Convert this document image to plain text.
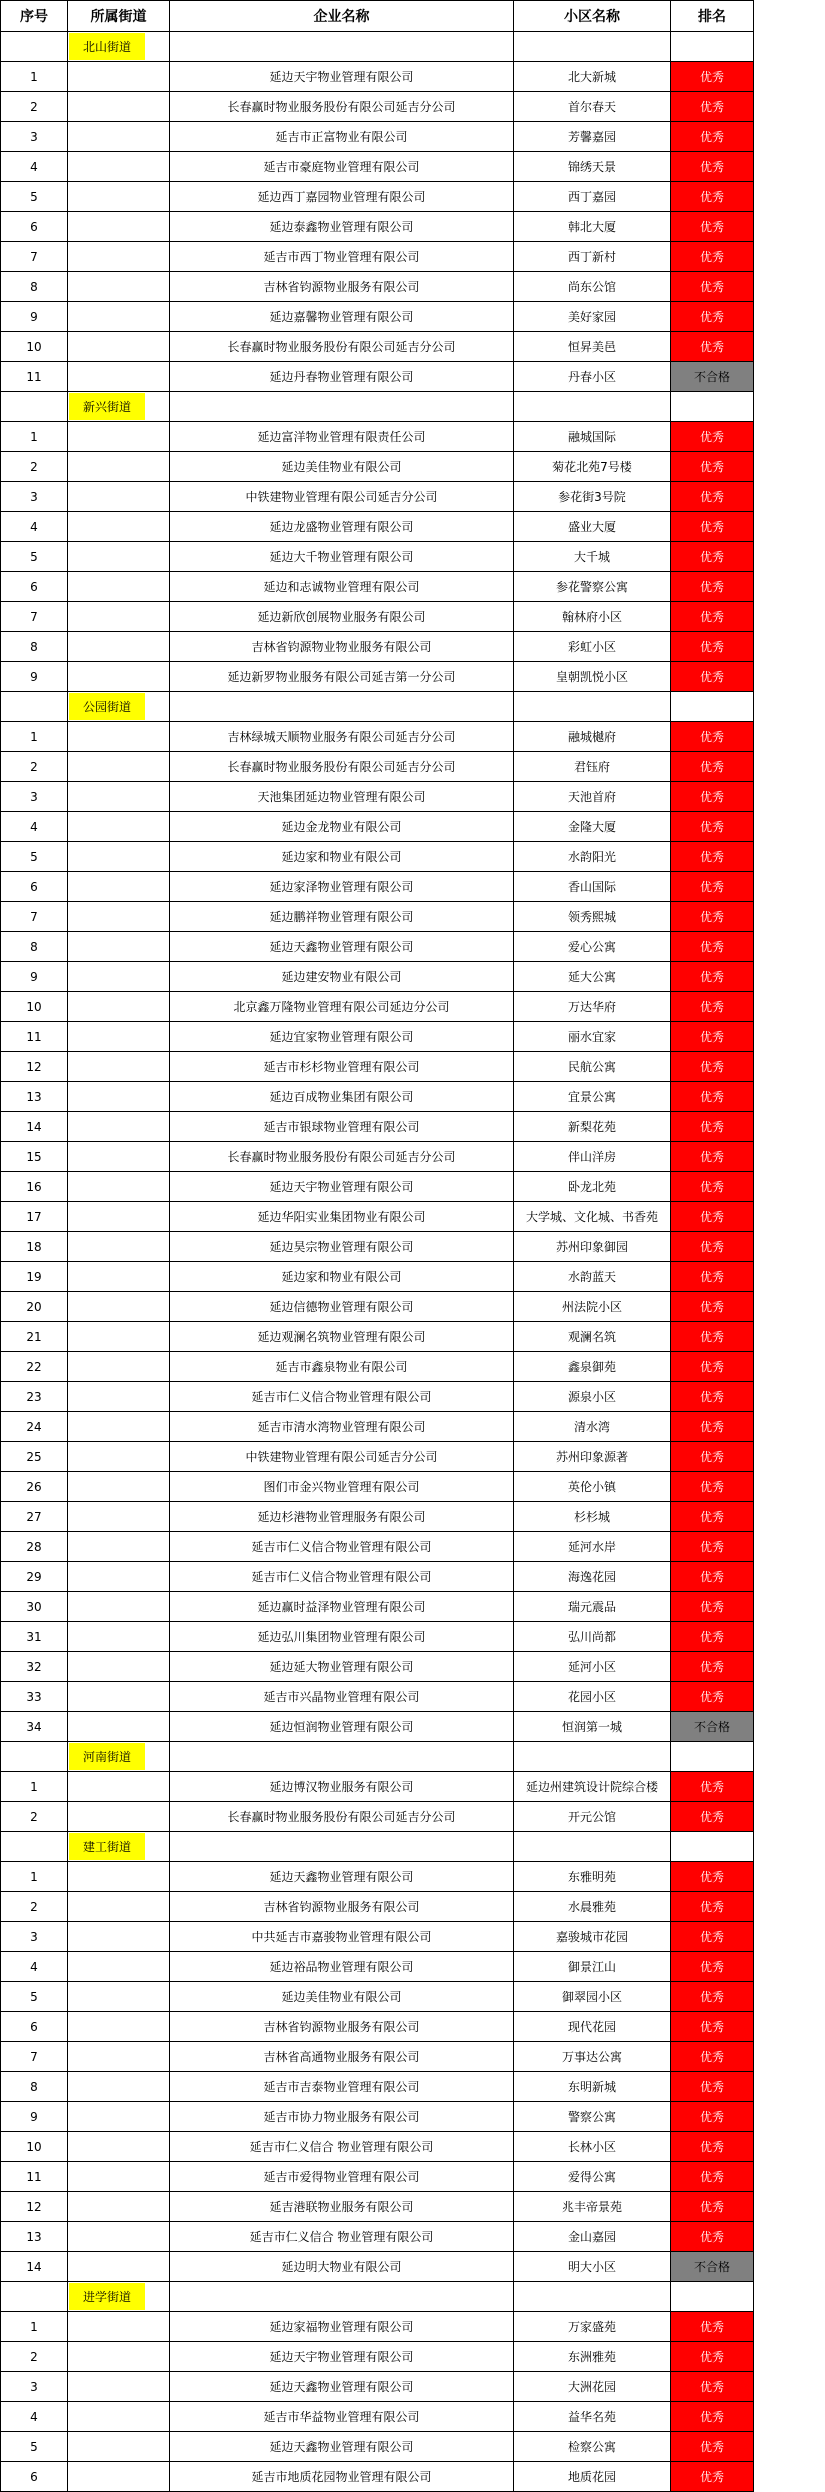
序号	所属街道	企业名称	小区名称	排名
	北山街道			
1		延边天宇物业管理有限公司	北大新城	优秀
2		长春赢时物业服务股份有限公司延吉分公司	首尔春天	优秀
3		延吉市正富物业有限公司	芳馨嘉园	优秀
4		延吉市豪庭物业管理有限公司	锦绣天景	优秀
5		延边西丁嘉园物业管理有限公司	西丁嘉园	优秀
6		延边泰鑫物业管理有限公司	韩北大厦	优秀
7		延吉市西丁物业管理有限公司	西丁新村	优秀
8		吉林省钧源物业服务有限公司	尚东公馆	优秀
9		延边嘉馨物业管理有限公司	美好家园	优秀
10		长春赢时物业服务股份有限公司延吉分公司	恒昇美邑	优秀
11		延边丹春物业管理有限公司	丹春小区	不合格
	新兴街道			
1		延边富洋物业管理有限责任公司	融城国际	优秀
2		延边美佳物业有限公司	菊花北苑7号楼	优秀
3		中铁建物业管理有限公司延吉分公司	参花街3号院	优秀
4		延边龙盛物业管理有限公司	盛业大厦	优秀
5		延边大千物业管理有限公司	大千城	优秀
6		延边和志诚物业管理有限公司	参花警察公寓	优秀
7		延边新欣创展物业服务有限公司	翰林府小区	优秀
8		吉林省钧源物业物业服务有限公司	彩虹小区	优秀
9		延边新罗物业服务有限公司延吉第一分公司	皇朝凯悦小区	优秀
	公园街道			
1		吉林绿城天顺物业服务有限公司延吉分公司	融城樾府	优秀
2		长春赢时物业服务股份有限公司延吉分公司	君钰府	优秀
3		天池集团延边物业管理有限公司	天池首府	优秀
4		延边金龙物业有限公司	金隆大厦	优秀
5		延边家和物业有限公司	水韵阳光	优秀
6		延边家泽物业管理有限公司	香山国际	优秀
7		延边鹏祥物业管理有限公司	领秀熙城	优秀
8		延边天鑫物业管理有限公司	爱心公寓	优秀
9		延边建安物业有限公司	延大公寓	优秀
10		北京鑫万隆物业管理有限公司延边分公司	万达华府	优秀
11		延边宜家物业管理有限公司	丽水宜家	优秀
12		延吉市杉杉物业管理有限公司	民航公寓	优秀
13		延边百成物业集团有限公司	宜景公寓	优秀
14		延吉市银球物业管理有限公司	新梨花苑	优秀
15		长春赢时物业服务股份有限公司延吉分公司	伴山洋房	优秀
16		延边天宇物业管理有限公司	卧龙北苑	优秀
17		延边华阳实业集团物业有限公司	大学城、文化城、书香苑	优秀
18		延边昊宗物业管理有限公司	苏州印象御园	优秀
19		延边家和物业有限公司	水韵蓝天	优秀
20		延边信德物业管理有限公司	州法院小区	优秀
21		延边观澜名筑物业管理有限公司	观澜名筑	优秀
22		延吉市鑫泉物业有限公司	鑫泉御苑	优秀
23		延吉市仁义信合物业管理有限公司	源泉小区	优秀
24		延吉市清水湾物业管理有限公司	清水湾	优秀
25		中铁建物业管理有限公司延吉分公司	苏州印象源著	优秀
26		图们市金兴物业管理有限公司	英伦小镇	优秀
27		延边杉港物业管理服务有限公司	杉杉城	优秀
28		延吉市仁义信合物业管理有限公司	延河水岸	优秀
29		延吉市仁义信合物业管理有限公司	海逸花园	优秀
30		延边赢时益泽物业管理有限公司	瑞元震品	优秀
31		延边弘川集团物业管理有限公司	弘川尚都	优秀
32		延边延大物业管理有限公司	延河小区	优秀
33		延吉市兴晶物业管理有限公司	花园小区	优秀
34		延边恒润物业管理有限公司	恒润第一城	不合格
	河南街道			
1		延边博汉物业服务有限公司	延边州建筑设计院综合楼	优秀
2		长春赢时物业服务股份有限公司延吉分公司	开元公馆	优秀
	建工街道			
1		延边天鑫物业管理有限公司	东雅明苑	优秀
2		吉林省钧源物业服务有限公司	水晨雅苑	优秀
3		中共延吉市嘉骏物业管理有限公司	嘉骏城市花园	优秀
4		延边裕品物业管理有限公司	御景江山	优秀
5		延边美佳物业有限公司	御翠园小区	优秀
6		吉林省钧源物业服务有限公司	现代花园	优秀
7		吉林省高通物业服务有限公司	万事达公寓	优秀
8		延吉市吉泰物业管理有限公司	东明新城	优秀
9		延吉市协力物业服务有限公司	警察公寓	优秀
10		延吉市仁义信合 物业管理有限公司	长林小区	优秀
11		延吉市爱得物业管理有限公司	爱得公寓	优秀
12		延吉港联物业服务有限公司	兆丰帝景苑	优秀
13		延吉市仁义信合 物业管理有限公司	金山嘉园	优秀
14		延边明大物业有限公司	明大小区	不合格
	进学街道			
1		延边家福物业管理有限公司	万家盛苑	优秀
2		延边天宇物业管理有限公司	东洲雅苑	优秀
3		延边天鑫物业管理有限公司	大洲花园	优秀
4		延吉市华益物业管理有限公司	益华名苑	优秀
5		延边天鑫物业管理有限公司	检察公寓	优秀
6		延吉市地质花园物业管理有限公司	地质花园	优秀
